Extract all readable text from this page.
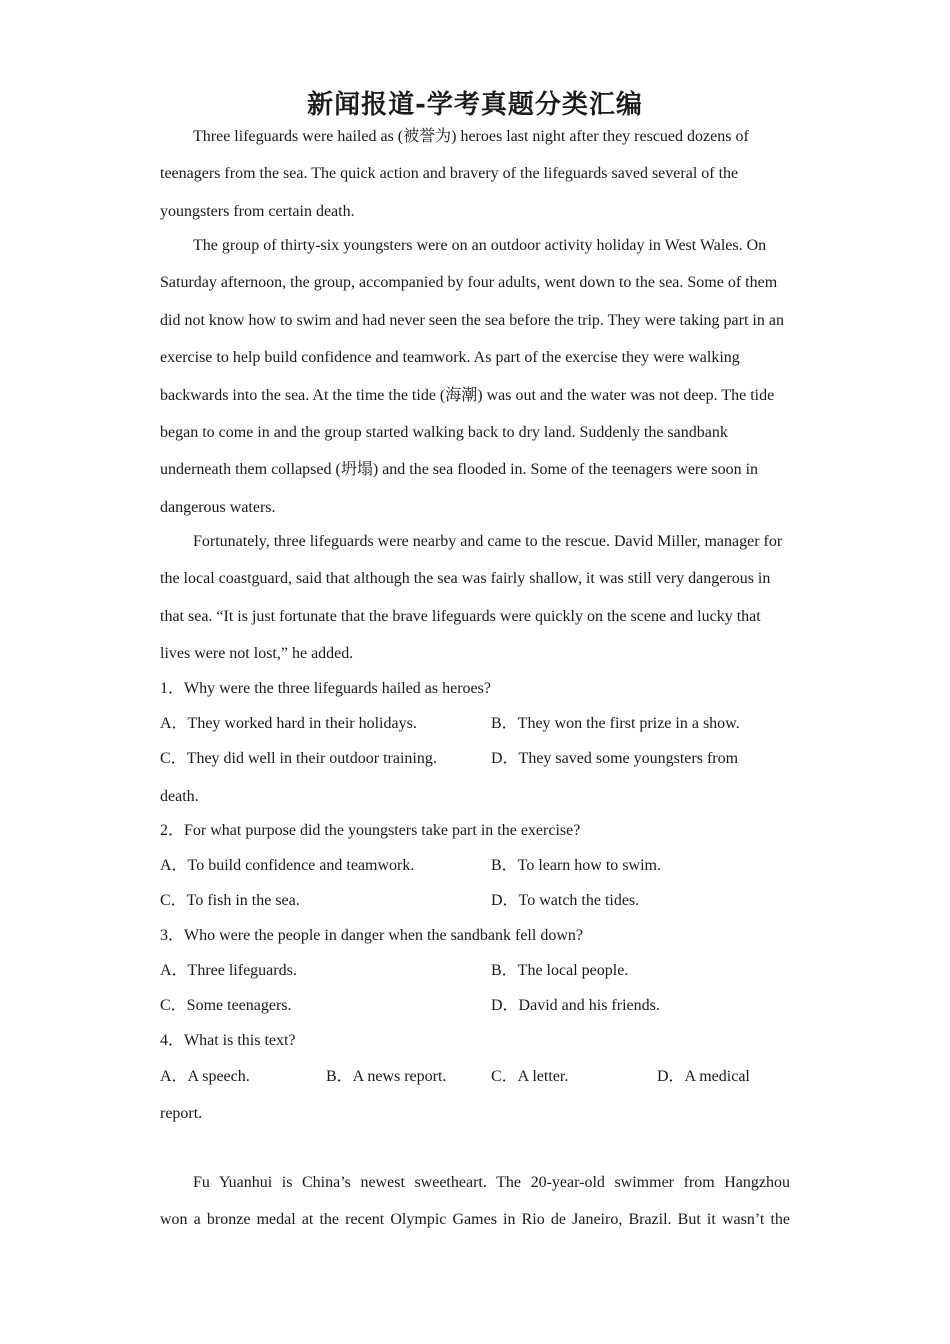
新闻报道-学考真题分类汇编

Three lifeguards were hailed as (被誉为) heroes last night after they rescued dozens of teenagers from the sea. The quick action and bravery of the lifeguards saved several of the youngsters from certain death.

The group of thirty-six youngsters were on an outdoor activity holiday in West Wales. On Saturday afternoon, the group, accompanied by four adults, went down to the sea. Some of them did not know how to swim and had never seen the sea before the trip. They were taking part in an exercise to help build confidence and teamwork. As part of the exercise they were walking backwards into the sea. At the time the tide (海潮) was out and the water was not deep. The tide began to come in and the group started walking back to dry land. Suddenly the sandbank underneath them collapsed (坍塌) and the sea flooded in. Some of the teenagers were soon in dangerous waters.

Fortunately, three lifeguards were nearby and came to the rescue. David Miller, manager for the local coastguard, said that although the sea was fairly shallow, it was still very dangerous in that sea. “It is just fortunate that the brave lifeguards were quickly on the scene and lucky that lives were not lost,” he added.

1．Why were the three lifeguards hailed as heroes?
A．They worked hard in their holidays.	B．They won the first prize in a show.
C．They did well in their outdoor training.	D．They saved some youngsters from
death.
2．For what purpose did the youngsters take part in the exercise?
A．To build confidence and teamwork.	B．To learn how to swim.
C．To fish in the sea.	D．To watch the tides.
3．Who were the people in danger when the sandbank fell down?
A．Three lifeguards.	B．The local people.
C．Some teenagers.	D．David and his friends.
4．What is this text?
A．A speech.	B．A news report.	C．A letter.	D．A medical
report.

Fu Yuanhui is China’s newest sweetheart. The 20-year-old swimmer from Hangzhou

won a bronze medal at the recent Olympic Games in Rio de Janeiro, Brazil. But it wasn’t the
